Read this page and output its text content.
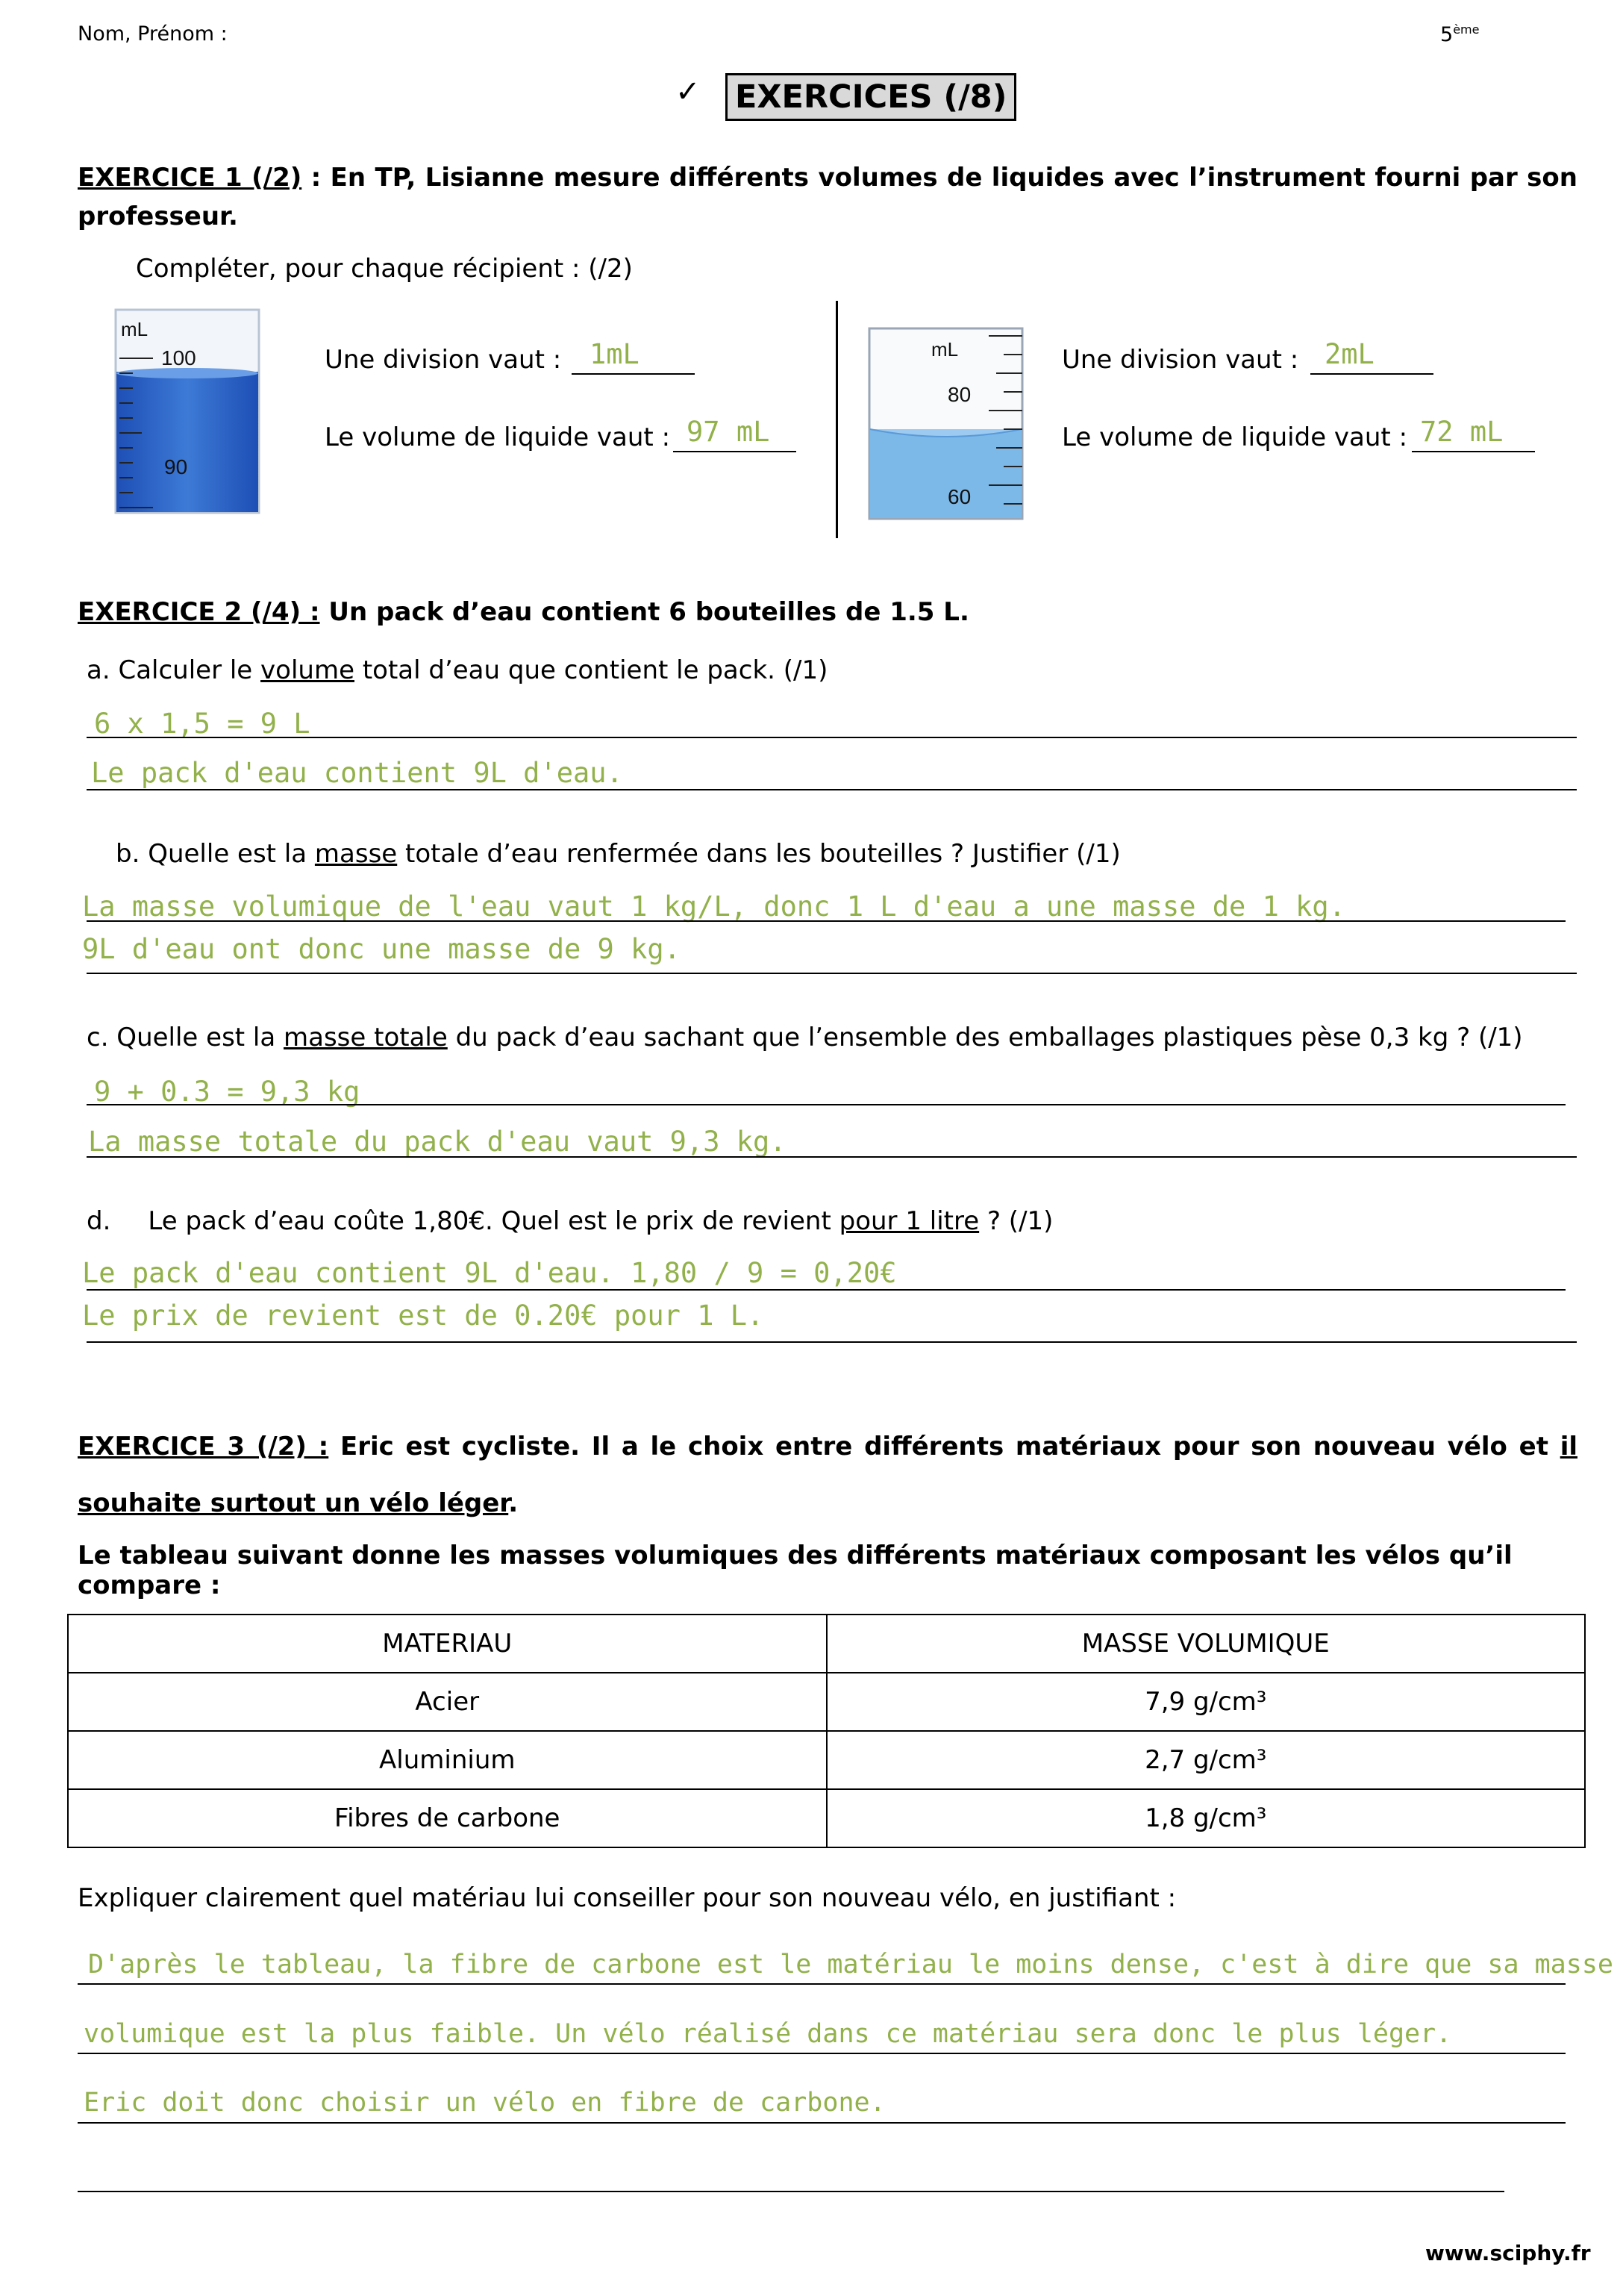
Nom, Prénom :	5ème
✓	EXERCICES (/8)
EXERCICE 1 (/2) : En TP, Lisianne mesure différents volumes de liquides avec l’instrument fourni par son
professeur.
Compléter, pour chaque récipient : (/2)
mL
100
90
Une division vaut : 1mL
Le volume de liquide vaut : 97 mL
mL
80
60
Une division vaut : 2mL
Le volume de liquide vaut : 72 mL
EXERCICE 2 (/4) : Un pack d’eau contient 6 bouteilles de 1.5 L.
a. Calculer le volume total d’eau que contient le pack. (/1)
6 x 1,5 = 9 L
Le pack d'eau contient 9L d'eau.
b. Quelle est la masse totale d’eau renfermée dans les bouteilles ? Justifier (/1)
La masse volumique de l'eau vaut 1 kg/L, donc 1 L d'eau a une masse de 1 kg.
9L d'eau ont donc une masse de 9 kg.
c. Quelle est la masse totale du pack d’eau sachant que l’ensemble des emballages plastiques pèse 0,3 kg ? (/1)
9 + 0.3 = 9,3 kg
La masse totale du pack d'eau vaut 9,3 kg.
d. Le pack d’eau coûte 1,80€. Quel est le prix de revient pour 1 litre ? (/1)
Le pack d'eau contient 9L d'eau. 1,80 / 9 = 0,20€
Le prix de revient est de 0.20€ pour 1 L.
EXERCICE 3 (/2) : Eric est cycliste. Il a le choix entre différents matériaux pour son nouveau vélo et il
souhaite surtout un vélo léger.
Le tableau suivant donne les masses volumiques des différents matériaux composant les vélos qu’il compare :
MATERIAU	MASSE VOLUMIQUE
Acier	7,9 g/cm³
Aluminium	2,7 g/cm³
Fibres de carbone	1,8 g/cm³
Expliquer clairement quel matériau lui conseiller pour son nouveau vélo, en justifiant :
D'après le tableau, la fibre de carbone est le matériau le moins dense, c'est à dire que sa masse
volumique est la plus faible. Un vélo réalisé dans ce matériau sera donc le plus léger.
Eric doit donc choisir un vélo en fibre de carbone.
www.sciphy.fr
